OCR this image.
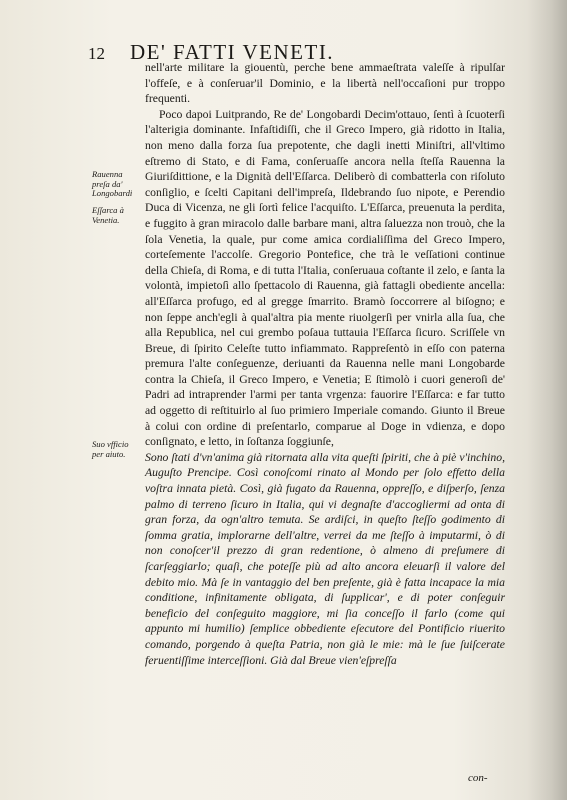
12 DE' FATTI VENETI.
Rauenna preſa da' Longobardi
Eſſarca à Venetia.
Suo vfficio per aiuto.

nell'arte militare la giouentù, perche bene ammaeſtrata valeſſe à ripulſar l'offeſe, e à conſeruar'il Dominio, e la libertà nell'occaſioni pur troppo frequenti.

Poco dapoi Luitprando, Re de' Longobardi Decim'ottauo, ſentì à ſcuoterſi l'alterigia dominante. Infaſtidiſſi, che il Greco Impero, già ridotto in Italia, non meno dalla forza ſua prepotente, che dagli inetti Miniſtri, all'vltimo eſtremo di Stato, e di Fama, conſeruaſſe ancora nella ſteſſa Rauenna la Giuriſdittione, e la Dignità dell'Eſſarca. Deliberò di combatterla con riſoluto conſiglio, e ſcelti Capitani dell'impreſa, Ildebrando ſuo nipote, e Perendio Duca di Vicenza, ne gli ſortì felice l'acquiſto. L'Eſſarca, preuenuta la perdita, e fuggito à gran miracolo dalle barbare mani, altra ſaluezza non trouò, che la ſola Venetia, la quale, pur come amica cordialiſſima del Greco Impero, corteſemente l'accolſe. Gregorio Pontefice, che trà le veſſationi continue della Chieſa, di Roma, e di tutta l'Italia, conſeruaua coſtante il zelo, e ſanta la volontà, impietoſì allo ſpettacolo di Rauenna, già fattagli obediente ancella: all'Eſſarca profugo, ed al gregge ſmarrito. Bramò ſoccorrere al biſogno; e non ſeppe anch'egli à qual'altra pia mente riuolgerſi per vnirla alla ſua, che alla Republica, nel cui grembo poſaua tuttauia l'Eſſarca ſicuro. Scriſſele vn Breue, di ſpirito Celeſte tutto infiammato. Rappreſentò in eſſo con paterna premura l'alte conſeguenze, deriuanti da Rauenna nelle mani Longobarde contra la Chieſa, il Greco Impero, e Venetia; E ſtimolò i cuori generoſi de' Padri ad intraprender l'armi per tanta vrgenza: fauorire l'Eſſarca: e far tutto ad oggetto di reſtituirlo al ſuo primiero Imperiale comando. Giunto il Breue à colui con ordine di preſentarlo, comparue al Doge in vdienza, e dopo conſignato, e letto, in ſoſtanza ſoggiunſe,

Sono ſtati d'vn'anima già ritornata alla vita queſti ſpiriti, che à piè v'inchino, Auguſto Prencipe. Così conoſcomi rinato al Mondo per ſolo effetto della voſtra innata pietà. Così, già fugato da Rauenna, oppreſſo, e diſperſo, ſenza palmo di terreno ſicuro in Italia, qui vi degnaſte d'accogliermi ad onta di gran forza, da ogn'altro temuta. Se ardiſci, in queſto ſteſſo godimento di ſomma gratia, implorarne dell'altre, verrei da me ſteſſo à imputarmi, ò di non conoſcer'il prezzo di gran redentione, ò almeno di preſumere di ſcarſeggiarlo; quaſi, che poteſſe più ad alto ancora eleuarſi il valore del debito mio. Mà ſe in vantaggio del ben preſente, già è fatta incapace la mia conditione, infinitamente obligata, di ſupplicar', e di poter conſeguir beneficio del conſeguito maggiore, mi ſia conceſſo il farlo (come qui appunto mi humilio) ſemplice obbediente eſecutore del Pontificio riuerito comando, porgendo à queſta Patria, non già le mie: mà le ſue ſuiſcerate feruentiſſime interceſſioni. Già dal Breue vien'eſpreſſa

con-
